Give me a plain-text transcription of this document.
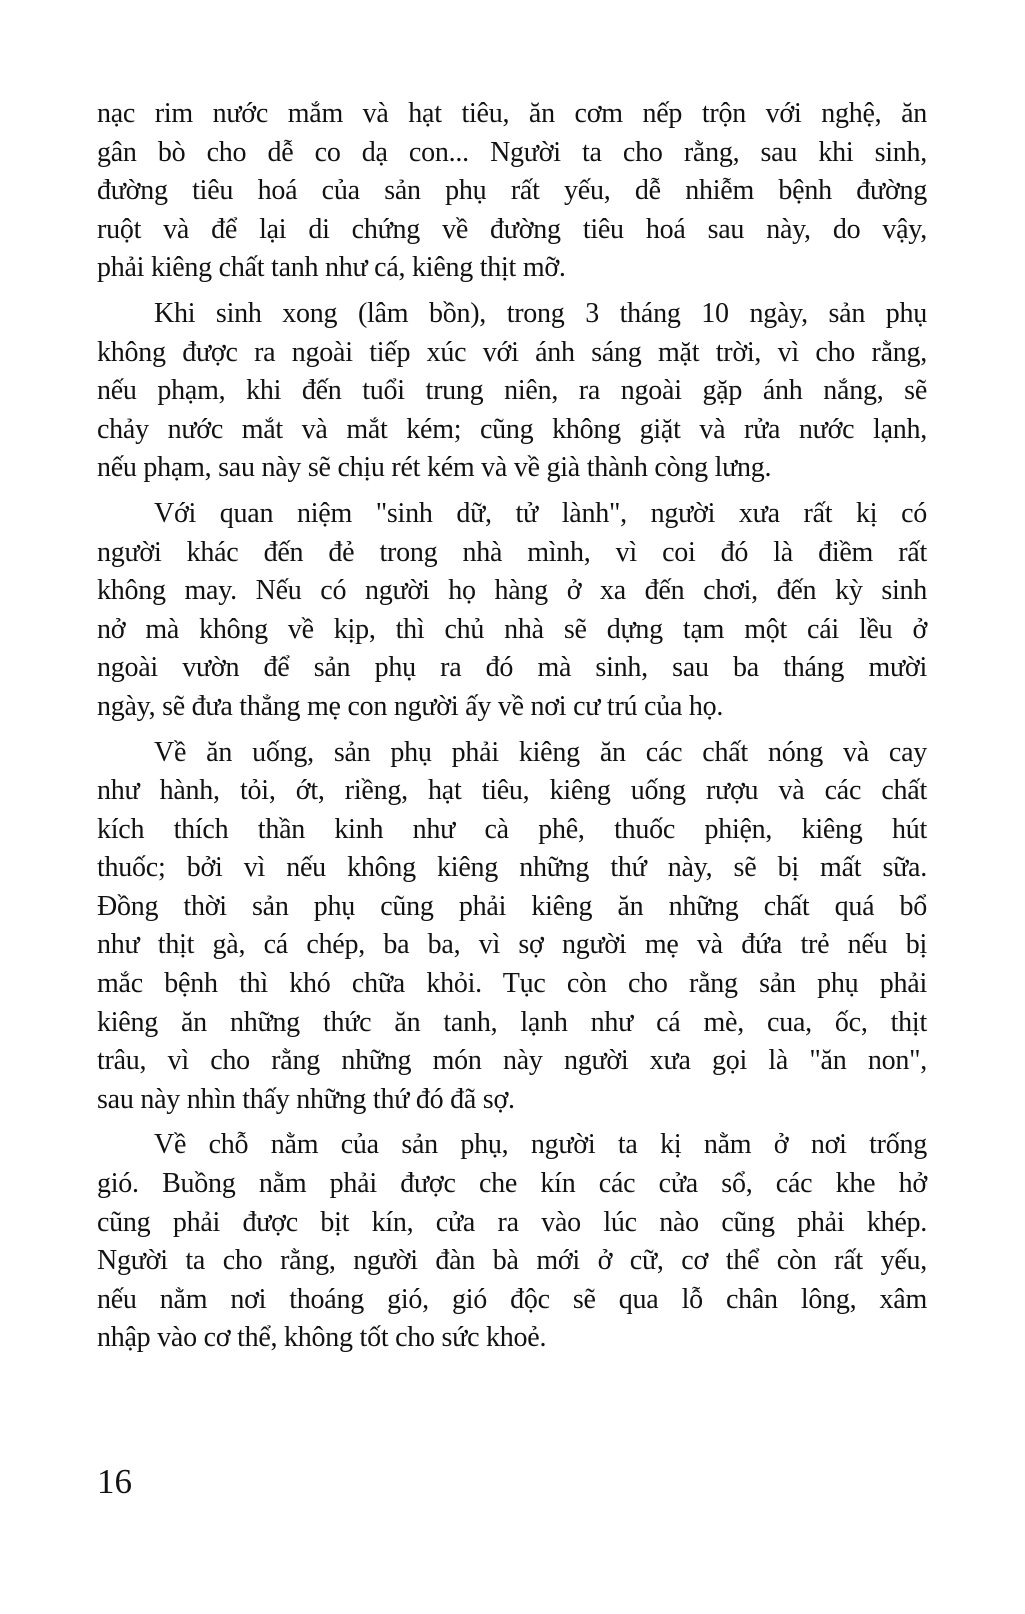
nạc rim nước mắm và hạt tiêu, ăn cơm nếp trộn với nghệ, ăn
gân bò cho dễ co dạ con... Người ta cho rằng, sau khi sinh,
đường tiêu hoá của sản phụ rất yếu, dễ nhiễm bệnh đường
ruột và để lại di chứng về đường tiêu hoá sau này, do vậy,
phải kiêng chất tanh như cá, kiêng thịt mỡ.
Khi sinh xong (lâm bồn), trong 3 tháng 10 ngày, sản phụ
không được ra ngoài tiếp xúc với ánh sáng mặt trời, vì cho rằng,
nếu phạm, khi đến tuổi trung niên, ra ngoài gặp ánh nắng, sẽ
chảy nước mắt và mắt kém; cũng không giặt và rửa nước lạnh,
nếu phạm, sau này sẽ chịu rét kém và về già thành còng lưng.
Với quan niệm "sinh dữ, tử lành", người xưa rất kị có
người khác đến đẻ trong nhà mình, vì coi đó là điềm rất
không may. Nếu có người họ hàng ở xa đến chơi, đến kỳ sinh
nở mà không về kịp, thì chủ nhà sẽ dựng tạm một cái lều ở
ngoài vườn để sản phụ ra đó mà sinh, sau ba tháng mười
ngày, sẽ đưa thẳng mẹ con người ấy về nơi cư trú của họ.
Về ăn uống, sản phụ phải kiêng ăn các chất nóng và cay
như hành, tỏi, ớt, riềng, hạt tiêu, kiêng uống rượu và các chất
kích thích thần kinh như cà phê, thuốc phiện, kiêng hút
thuốc; bởi vì nếu không kiêng những thứ này, sẽ bị mất sữa.
Đồng thời sản phụ cũng phải kiêng ăn những chất quá bổ
như thịt gà, cá chép, ba ba, vì sợ người mẹ và đứa trẻ nếu bị
mắc bệnh thì khó chữa khỏi. Tục còn cho rằng sản phụ phải
kiêng ăn những thức ăn tanh, lạnh như cá mè, cua, ốc, thịt
trâu, vì cho rằng những món này người xưa gọi là "ăn non",
sau này nhìn thấy những thứ đó đã sợ.
Về chỗ nằm của sản phụ, người ta kị nằm ở nơi trống
gió. Buồng nằm phải được che kín các cửa sổ, các khe hở
cũng phải được bịt kín, cửa ra vào lúc nào cũng phải khép.
Người ta cho rằng, người đàn bà mới ở cữ, cơ thể còn rất yếu,
nếu nằm nơi thoáng gió, gió độc sẽ qua lỗ chân lông, xâm
nhập vào cơ thể, không tốt cho sức khoẻ.
16
